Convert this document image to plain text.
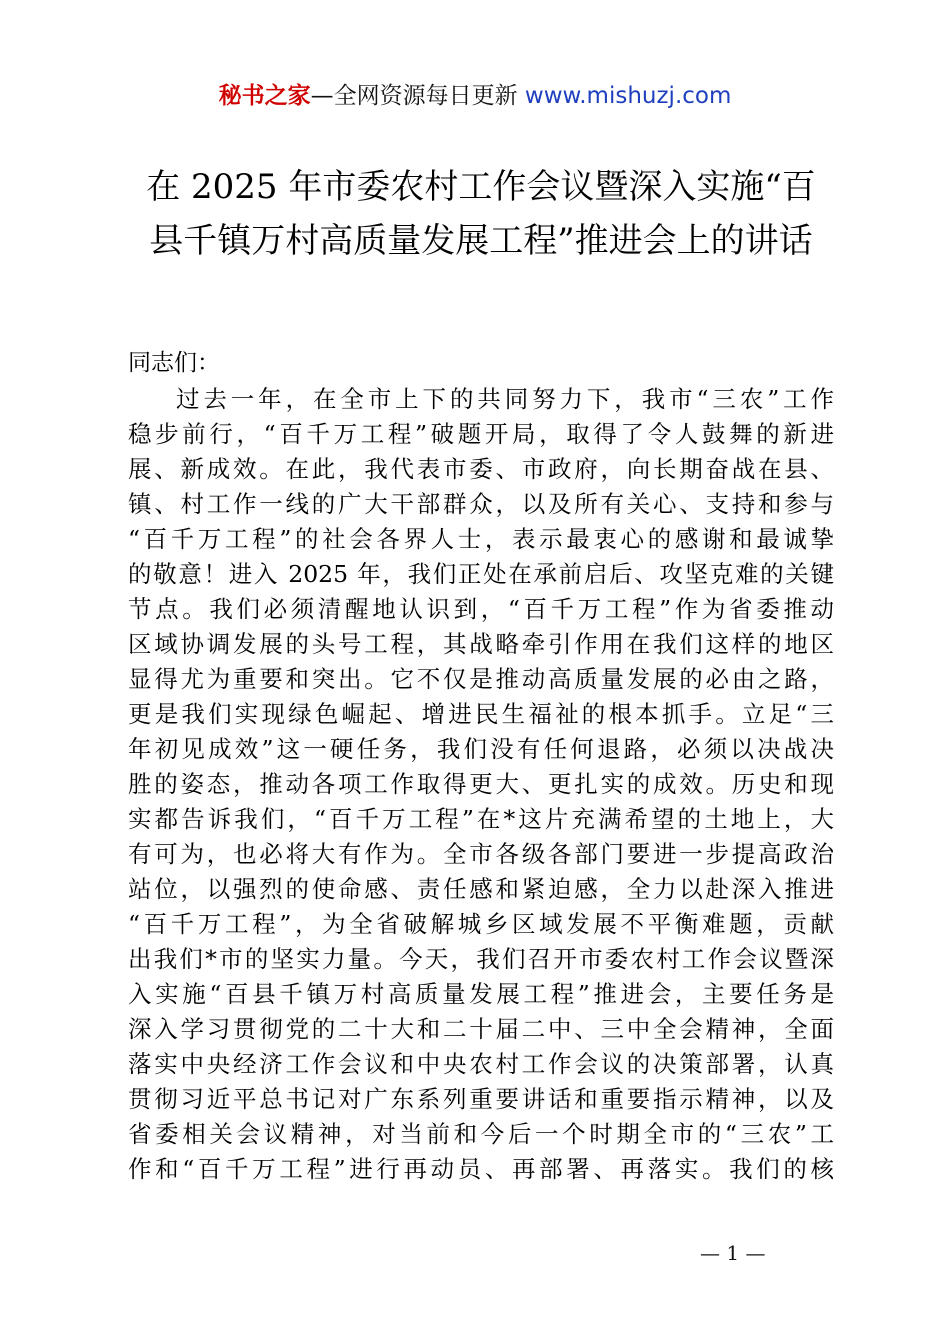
秘书之家—全网资源每日更新 www.mishuzj.com
在 2025 年市委农村工作会议暨深入实施“百
县千镇万村高质量发展工程”推进会上的讲话
同志们：
过去一年，在全市上下的共同努力下，我市“三农”工作
稳步前行，“百千万工程”破题开局，取得了令人鼓舞的新进
展、新成效。在此，我代表市委、市政府，向长期奋战在县、
镇、村工作一线的广大干部群众，以及所有关心、支持和参与
“百千万工程”的社会各界人士，表示最衷心的感谢和最诚挚
的敬意！进入 2025 年，我们正处在承前启后、攻坚克难的关键
节点。我们必须清醒地认识到，“百千万工程”作为省委推动
区域协调发展的头号工程，其战略牵引作用在我们这样的地区
显得尤为重要和突出。它不仅是推动高质量发展的必由之路，
更是我们实现绿色崛起、增进民生福祉的根本抓手。立足“三
年初见成效”这一硬任务，我们没有任何退路，必须以决战决
胜的姿态，推动各项工作取得更大、更扎实的成效。历史和现
实都告诉我们，“百千万工程”在*这片充满希望的土地上，大
有可为，也必将大有作为。全市各级各部门要进一步提高政治
站位，以强烈的使命感、责任感和紧迫感，全力以赴深入推进
“百千万工程”，为全省破解城乡区域发展不平衡难题，贡献
出我们*市的坚实力量。今天，我们召开市委农村工作会议暨深
入实施“百县千镇万村高质量发展工程”推进会，主要任务是
深入学习贯彻党的二十大和二十届二中、三中全会精神，全面
落实中央经济工作会议和中央农村工作会议的决策部署，认真
贯彻习近平总书记对广东系列重要讲话和重要指示精神，以及
省委相关会议精神，对当前和今后一个时期全市的“三农”工
作和“百千万工程”进行再动员、再部署、再落实。我们的核
— 1 —
